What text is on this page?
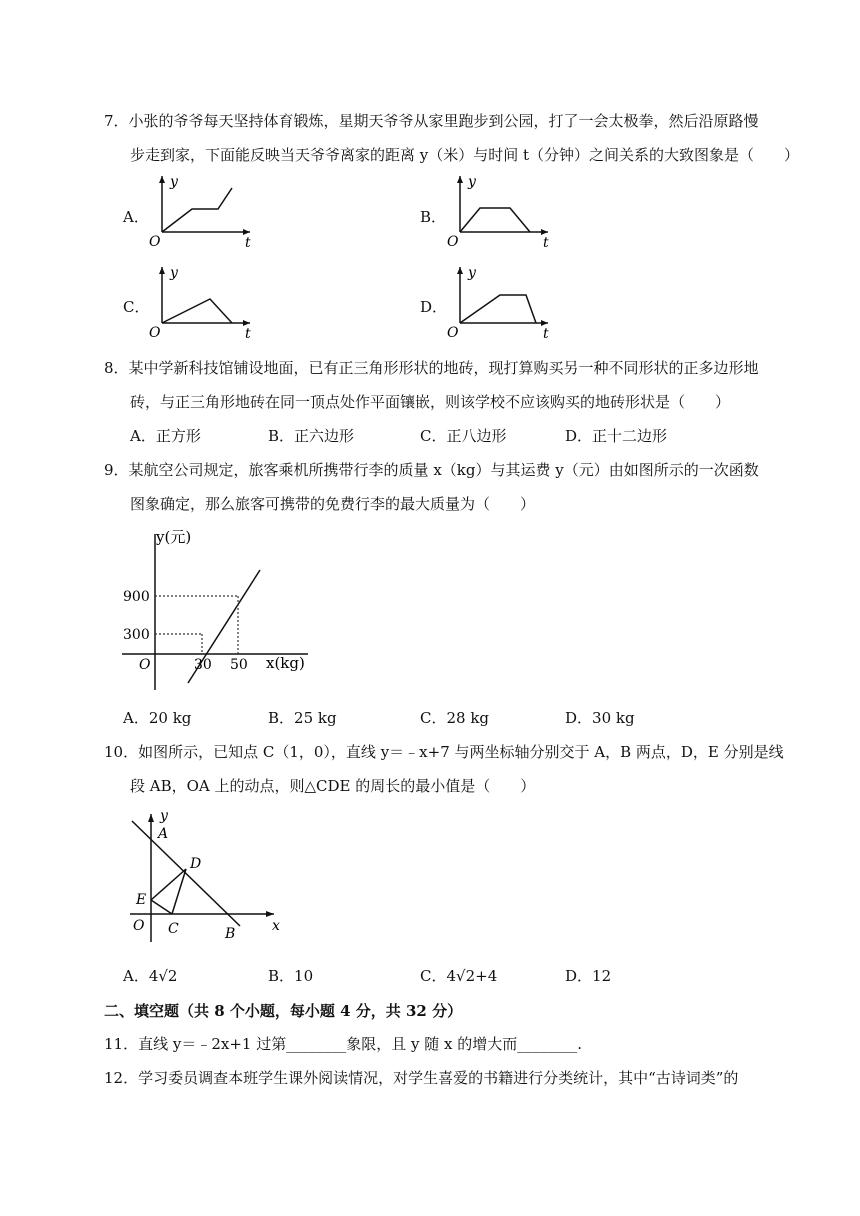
7．小张的爷爷每天坚持体育锻炼，星期天爷爷从家里跑步到公园，打了一会太极拳，然后沿原路慢
步走到家，下面能反映当天爷爷离家的距离 y（米）与时间 t（分钟）之间关系的大致图象是（　　）
A．
y
t
O
B．
y
t
O
C．
y
t
O
D．
y
t
O
8．某中学新科技馆铺设地面，已有正三角形形状的地砖，现打算购买另一种不同形状的正多边形地
砖，与正三角形地砖在同一顶点处作平面镶嵌，则该学校不应该购买的地砖形状是（　　）
A．正方形	B．正六边形	C．正八边形	D．正十二边形
9．某航空公司规定，旅客乘机所携带行李的质量 x（kg）与其运费 y（元）由如图所示的一次函数
图象确定，那么旅客可携带的免费行李的最大质量为（　　）
y(元)
x(kg)
O
900
300
30 50
A．20 kg	B．25 kg	C．28 kg	D．30 kg
10．如图所示，已知点 C（1，0），直线 y＝﹣x+7 与两坐标轴分别交于 A，B 两点，D，E 分别是线
段 AB，OA 上的动点，则△CDE 的周长的最小值是（　　）
y
A
D
E
O C	B	x
A．4√2	B．10	C．4√2+4	D．12
二、填空题（共 8 个小题，每小题 4 分，共 32 分）
11．直线 y＝﹣2x+1 过第________象限，且 y 随 x 的增大而________.
12．学习委员调查本班学生课外阅读情况，对学生喜爱的书籍进行分类统计，其中“古诗词类”的
